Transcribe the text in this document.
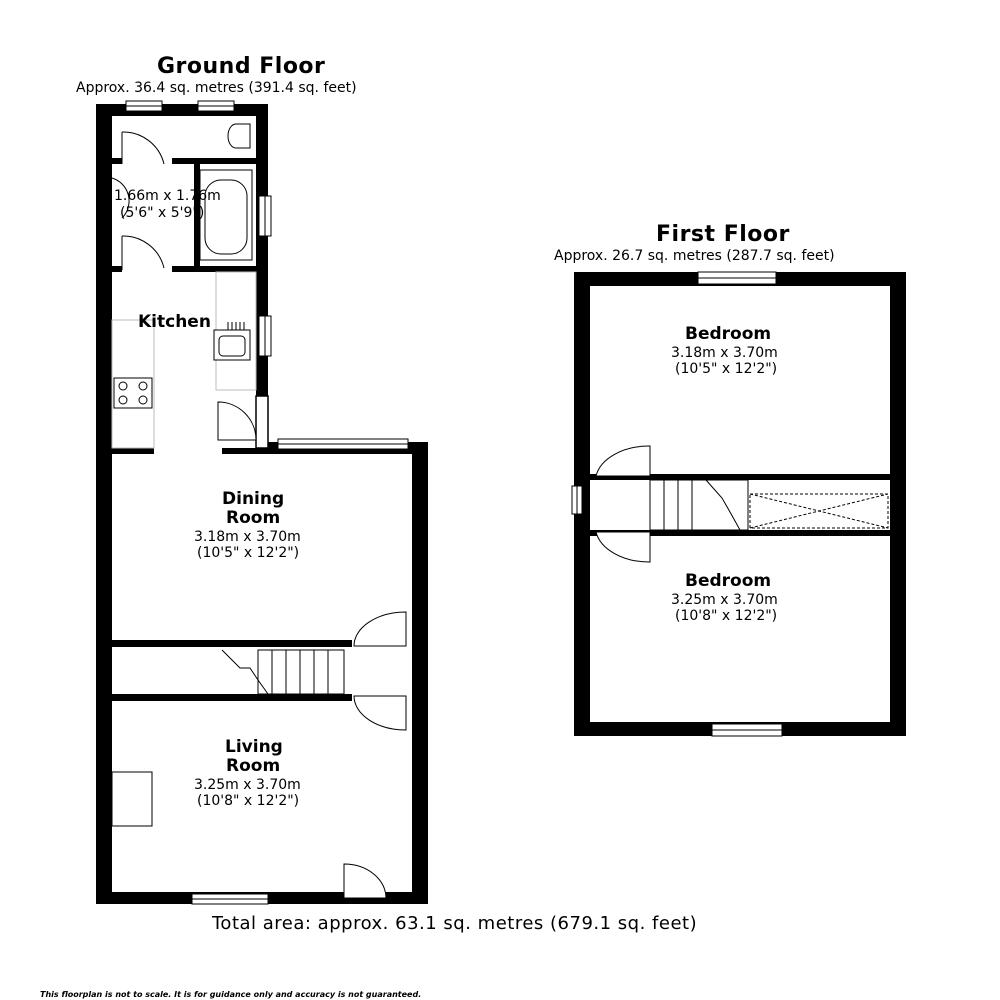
Ground Floor
Approx. 36.4 sq. metres (391.4 sq. feet)
1.66m x 1.76m
(5'6" x 5'9")
Kitchen
Dining
Room
3.18m x 3.70m
(10'5" x 12'2")
Living
Room
3.25m x 3.70m
(10'8" x 12'2")
First Floor
Approx. 26.7 sq. metres (287.7 sq. feet)
Bedroom
3.18m x 3.70m
(10'5" x 12'2")
Bedroom
3.25m x 3.70m
(10'8" x 12'2")
Total area: approx. 63.1 sq. metres (679.1 sq. feet)
This floorplan is not to scale. It is for guidance only and accuracy is not guaranteed.
